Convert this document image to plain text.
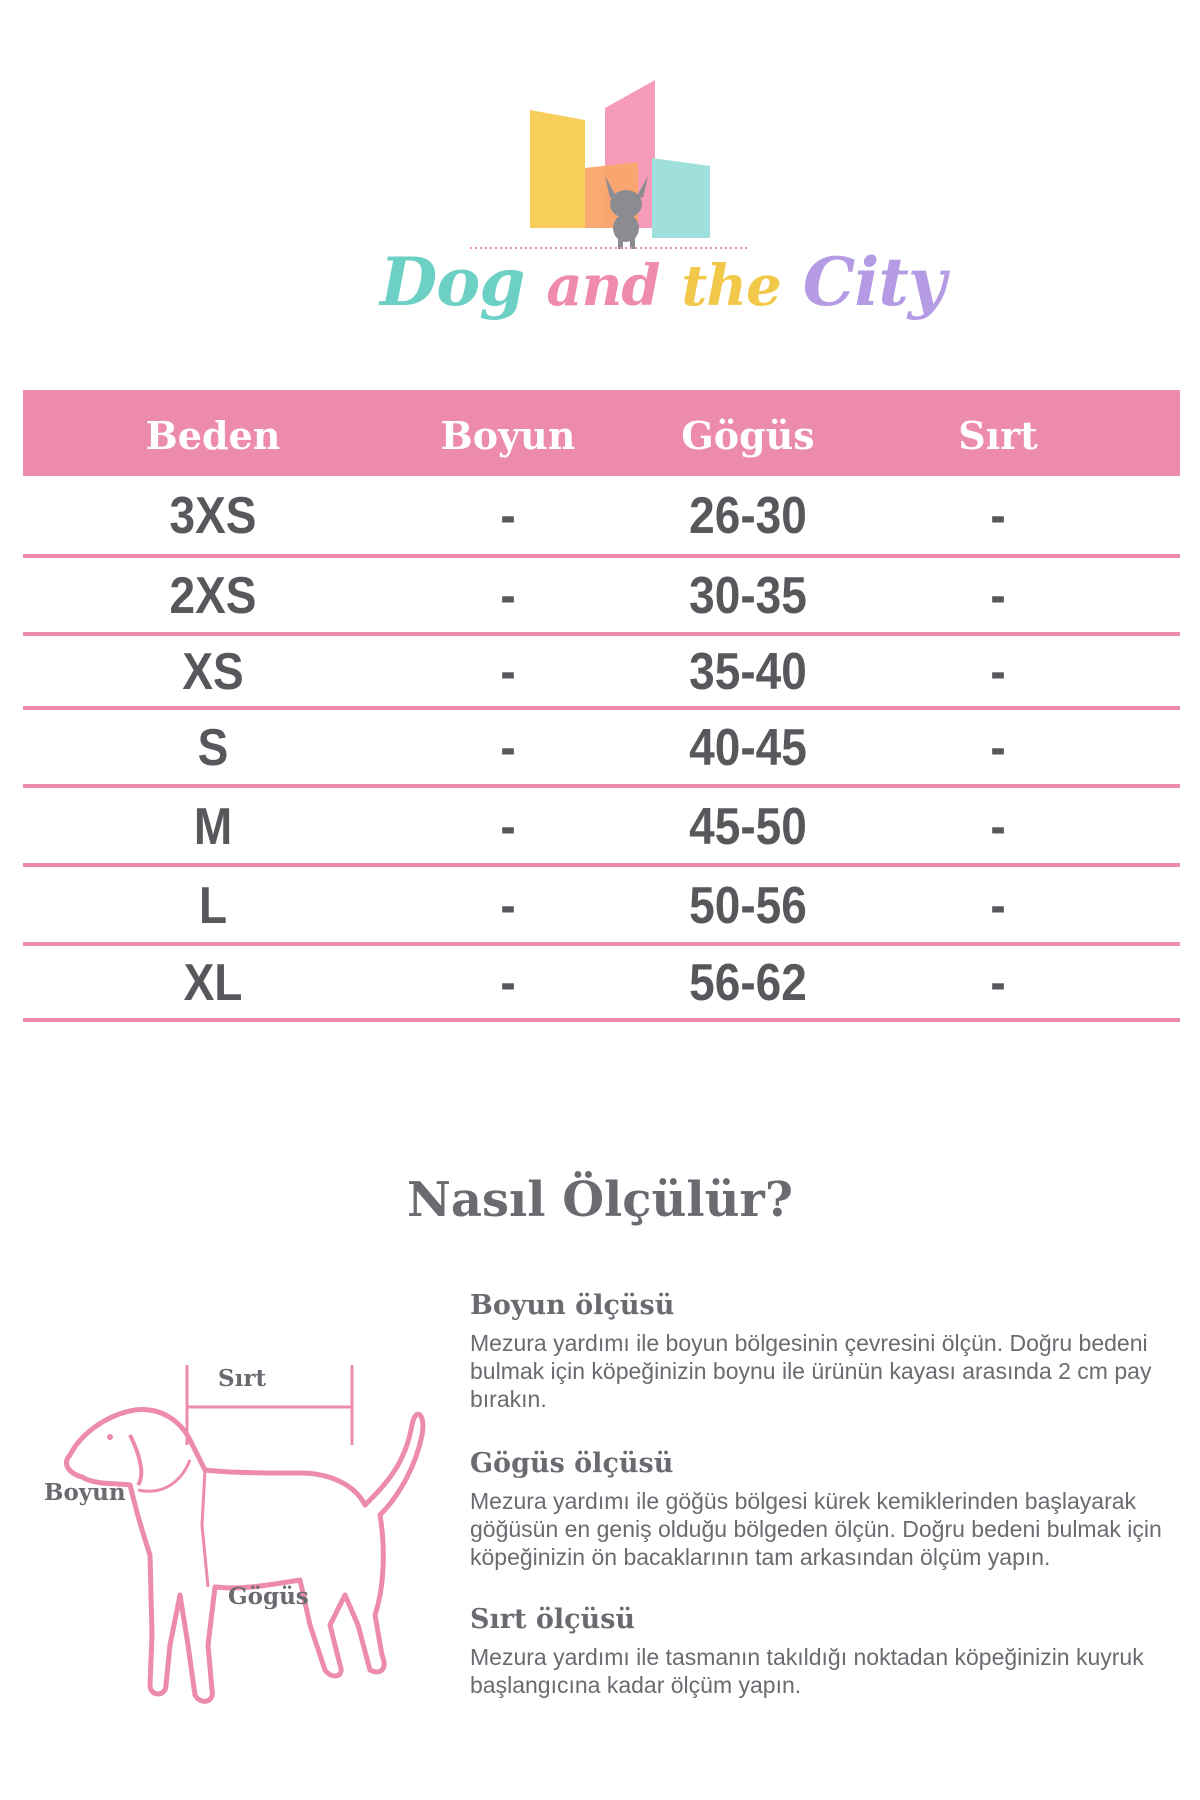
Dog and the City
Beden	Boyun	Gögüs	Sırt
3XS	-	26-30	-
2XS	-	30-35	-
XS	-	35-40	-
S	-	40-45	-
M	-	45-50	-
L	-	50-56	-
XL	-	56-62	-
Nasıl Ölçülür?
Sırt
Boyun
Gögüs
Boyun ölçüsü

Mezura yardımı ile boyun bölgesinin çevresini ölçün. Doğru bedeni bulmak için köpeğinizin boynu ile ürünün kayası arasında 2 cm pay bırakın.

Gögüs ölçüsü

Mezura yardımı ile göğüs bölgesi kürek kemiklerinden başlayarak göğüsün en geniş olduğu bölgeden ölçün. Doğru bedeni bulmak için köpeğinizin ön bacaklarının tam arkasından ölçüm yapın.

Sırt ölçüsü

Mezura yardımı ile tasmanın takıldığı noktadan köpeğinizin kuyruk başlangıcına kadar ölçüm yapın.
